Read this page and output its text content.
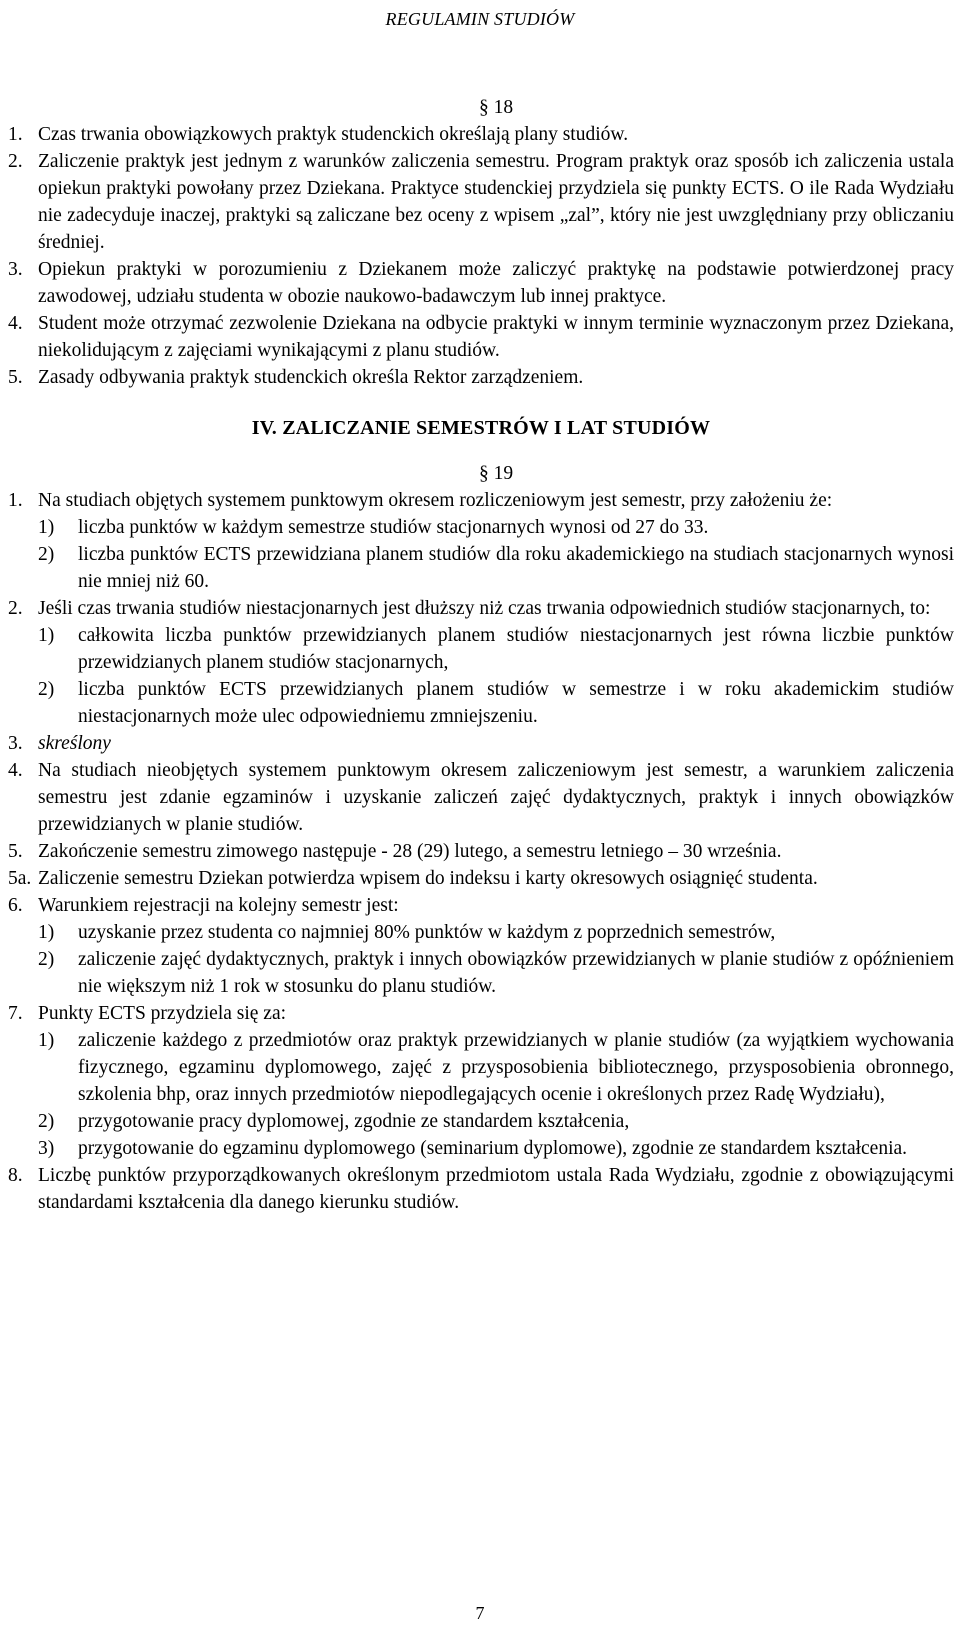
REGULAMIN STUDIÓW

§ 18

1. Czas trwania obowiązkowych praktyk studenckich określają plany studiów.

2. Zaliczenie praktyk jest jednym z warunków zaliczenia semestru. Program praktyk oraz sposób ich zaliczenia ustala opiekun praktyki powołany przez Dziekana. Praktyce studenckiej przydziela się punkty ECTS. O ile Rada Wydziału nie zadecyduje inaczej, praktyki są zaliczane bez oceny z wpisem „zal”, który nie jest uwzględniany przy obliczaniu średniej.

3. Opiekun praktyki w porozumieniu z Dziekanem może zaliczyć praktykę na podstawie potwierdzonej pracy zawodowej, udziału studenta w obozie naukowo-badawczym lub innej praktyce.

4. Student może otrzymać zezwolenie Dziekana na odbycie praktyki w innym terminie wyznaczonym przez Dziekana, niekolidującym z zajęciami wynikającymi z planu studiów.

5. Zasady odbywania praktyk studenckich określa Rektor zarządzeniem.

IV. ZALICZANIE SEMESTRÓW I LAT STUDIÓW

§ 19

1. Na studiach objętych systemem punktowym okresem rozliczeniowym jest semestr, przy założeniu że:

1) liczba punktów w każdym semestrze studiów stacjonarnych wynosi od 27 do 33.

2) liczba punktów ECTS przewidziana planem studiów dla roku akademickiego na studiach stacjonarnych wynosi nie mniej niż 60.

2. Jeśli czas trwania studiów niestacjonarnych jest dłuższy niż czas trwania odpowiednich studiów stacjonarnych, to:

1) całkowita liczba punktów przewidzianych planem studiów niestacjonarnych jest równa liczbie punktów przewidzianych planem studiów stacjonarnych,

2) liczba punktów ECTS przewidzianych planem studiów w semestrze i w roku akademickim studiów niestacjonarnych może ulec odpowiedniemu zmniejszeniu.

3. skreślony

4. Na studiach nieobjętych systemem punktowym okresem zaliczeniowym jest semestr, a warunkiem zaliczenia semestru jest zdanie egzaminów i uzyskanie zaliczeń zajęć dydaktycznych, praktyk i innych obowiązków przewidzianych w planie studiów.

5. Zakończenie semestru zimowego następuje - 28 (29) lutego, a semestru letniego – 30 września.

5a. Zaliczenie semestru Dziekan potwierdza wpisem do indeksu i karty okresowych osiągnięć studenta.

6. Warunkiem rejestracji na kolejny semestr jest:

1) uzyskanie przez studenta co najmniej 80% punktów w każdym z poprzednich semestrów,

2) zaliczenie zajęć dydaktycznych, praktyk i innych obowiązków przewidzianych w planie studiów z opóźnieniem nie większym niż 1 rok w stosunku do planu studiów.

7. Punkty ECTS przydziela się za:

1) zaliczenie każdego z przedmiotów oraz praktyk przewidzianych w planie studiów (za wyjątkiem wychowania fizycznego, egzaminu dyplomowego, zajęć z przysposobienia bibliotecznego, przysposobienia obronnego, szkolenia bhp, oraz innych przedmiotów niepodlegających ocenie i określonych przez Radę Wydziału),

2) przygotowanie pracy dyplomowej, zgodnie ze standardem kształcenia,

3) przygotowanie do egzaminu dyplomowego (seminarium dyplomowe), zgodnie ze standardem kształcenia.

8. Liczbę punktów przyporządkowanych określonym przedmiotom ustala Rada Wydziału, zgodnie z obowiązującymi standardami kształcenia dla danego kierunku studiów.

7
